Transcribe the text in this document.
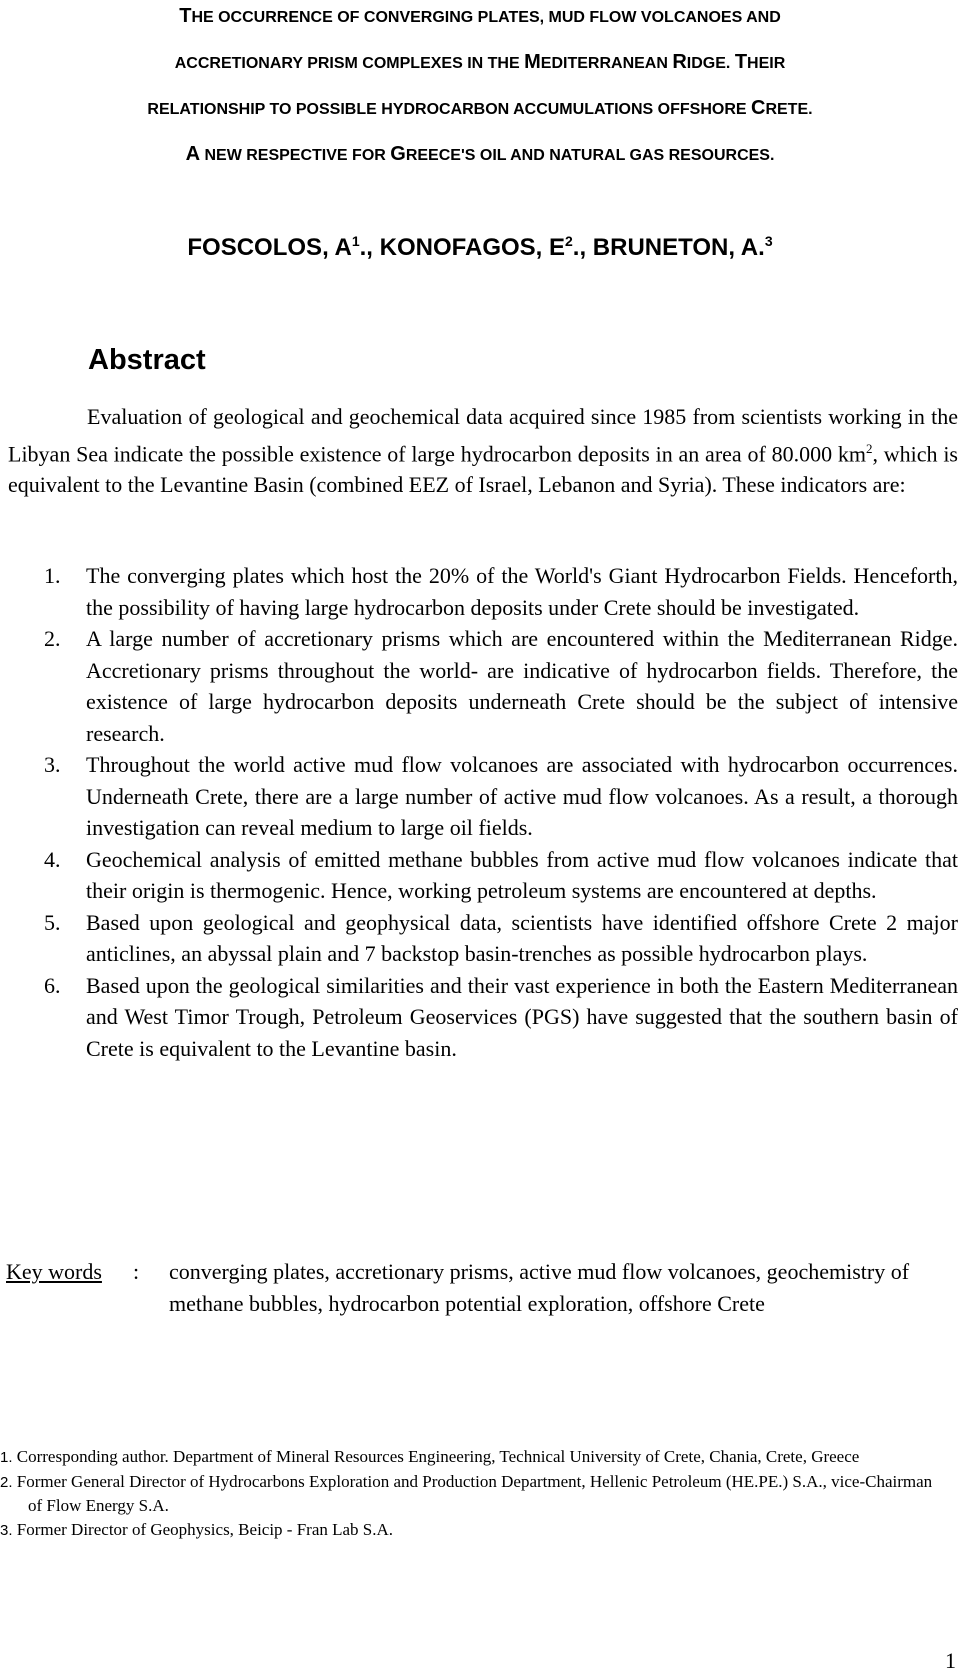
THE OCCURRENCE OF CONVERGING PLATES, MUD FLOW VOLCANOES AND
ACCRETIONARY PRISM COMPLEXES IN THE MEDITERRANEAN RIDGE. THEIR
RELATIONSHIP TO POSSIBLE HYDROCARBON ACCUMULATIONS OFFSHORE CRETE.
A NEW RESPECTIVE FOR GREECE'S OIL AND NATURAL GAS RESOURCES.
FOSCOLOS, $A^1$., KONOFAGOS, $E^2$., BRUNETON, A.$^3$
Abstract

Evaluation of geological and geochemical data acquired since 1985 from scientists working in the Libyan Sea indicate the possible existence of large hydrocarbon deposits in an area of 80.000 $km^2$, which is equivalent to the Levantine Basin (combined EEZ of Israel, Lebanon and Syria). These indicators are:

1. The converging plates which host the 20% of the World's Giant Hydrocarbon Fields. Henceforth, the possibility of having large hydrocarbon deposits under Crete should be investigated.
2. A large number of accretionary prisms which are encountered within the Mediterranean Ridge. Accretionary prisms throughout the world- are indicative of hydrocarbon fields. Therefore, the existence of large hydrocarbon deposits underneath Crete should be the subject of intensive research.
3. Throughout the world active mud flow volcanoes are associated with hydrocarbon occurrences. Underneath Crete, there are a large number of active mud flow volcanoes. As a result, a thorough investigation can reveal medium to large oil fields.
4. Geochemical analysis of emitted methane bubbles from active mud flow volcanoes indicate that their origin is thermogenic. Hence, working petroleum systems are encountered at depths.
5. Based upon geological and geophysical data, scientists have identified offshore Crete 2 major anticlines, an abyssal plain and 7 backstop basin-trenches as possible hydrocarbon plays.
6. Based upon the geological similarities and their vast experience in both the Eastern Mediterranean and West Timor Trough, Petroleum Geoservices (PGS) have suggested that the southern basin of Crete is equivalent to the Levantine basin.
Key words : converging plates, accretionary prisms, active mud flow volcanoes, geochemistry of methane bubbles, hydrocarbon potential exploration, offshore Crete
1. Corresponding author. Department of Mineral Resources Engineering, Technical University of Crete, Chania, Crete, Greece
2. Former General Director of Hydrocarbons Exploration and Production Department, Hellenic Petroleum (HE.PE.) S.A., vice-Chairman of Flow Energy S.A.
3. Former Director of Geophysics, Beicip - Fran Lab S.A.
1
